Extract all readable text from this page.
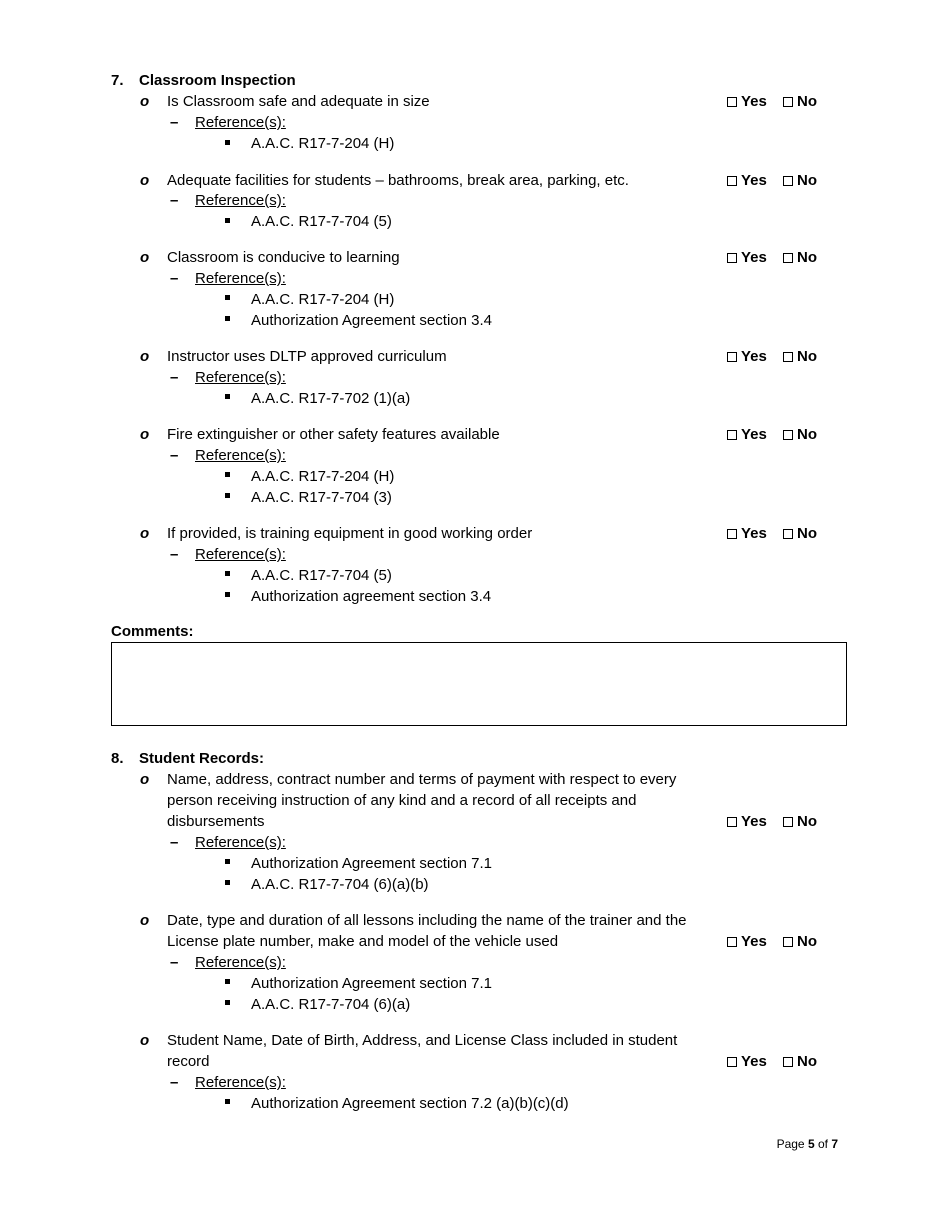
7. Classroom Inspection
o Is Classroom safe and adequate in size	Yes No
– Reference(s):
A.A.C. R17-7-204 (H)
o Adequate facilities for students – bathrooms, break area, parking, etc.	Yes No
– Reference(s):
A.A.C. R17-7-704 (5)
o Classroom is conducive to learning	Yes No
– Reference(s):
A.A.C. R17-7-204 (H)
Authorization Agreement section 3.4
o Instructor uses DLTP approved curriculum	Yes No
– Reference(s):
A.A.C. R17-7-702 (1)(a)
o Fire extinguisher or other safety features available	Yes No
– Reference(s):
A.A.C. R17-7-204 (H)
A.A.C. R17-7-704 (3)
o If provided, is training equipment in good working order	Yes No
– Reference(s):
A.A.C. R17-7-704 (5)
Authorization agreement section 3.4
Comments:
8. Student Records:
o Name, address, contract number and terms of payment with respect to every
person receiving instruction of any kind and a record of all receipts and
disbursements	Yes No
– Reference(s):
Authorization Agreement section 7.1
A.A.C. R17-7-704 (6)(a)(b)
o Date, type and duration of all lessons including the name of the trainer and the
License plate number, make and model of the vehicle used	Yes No
– Reference(s):
Authorization Agreement section 7.1
A.A.C. R17-7-704 (6)(a)
o Student Name, Date of Birth, Address, and License Class included in student
record	Yes No
– Reference(s):
Authorization Agreement section 7.2 (a)(b)(c)(d)
Page 5 of 7
